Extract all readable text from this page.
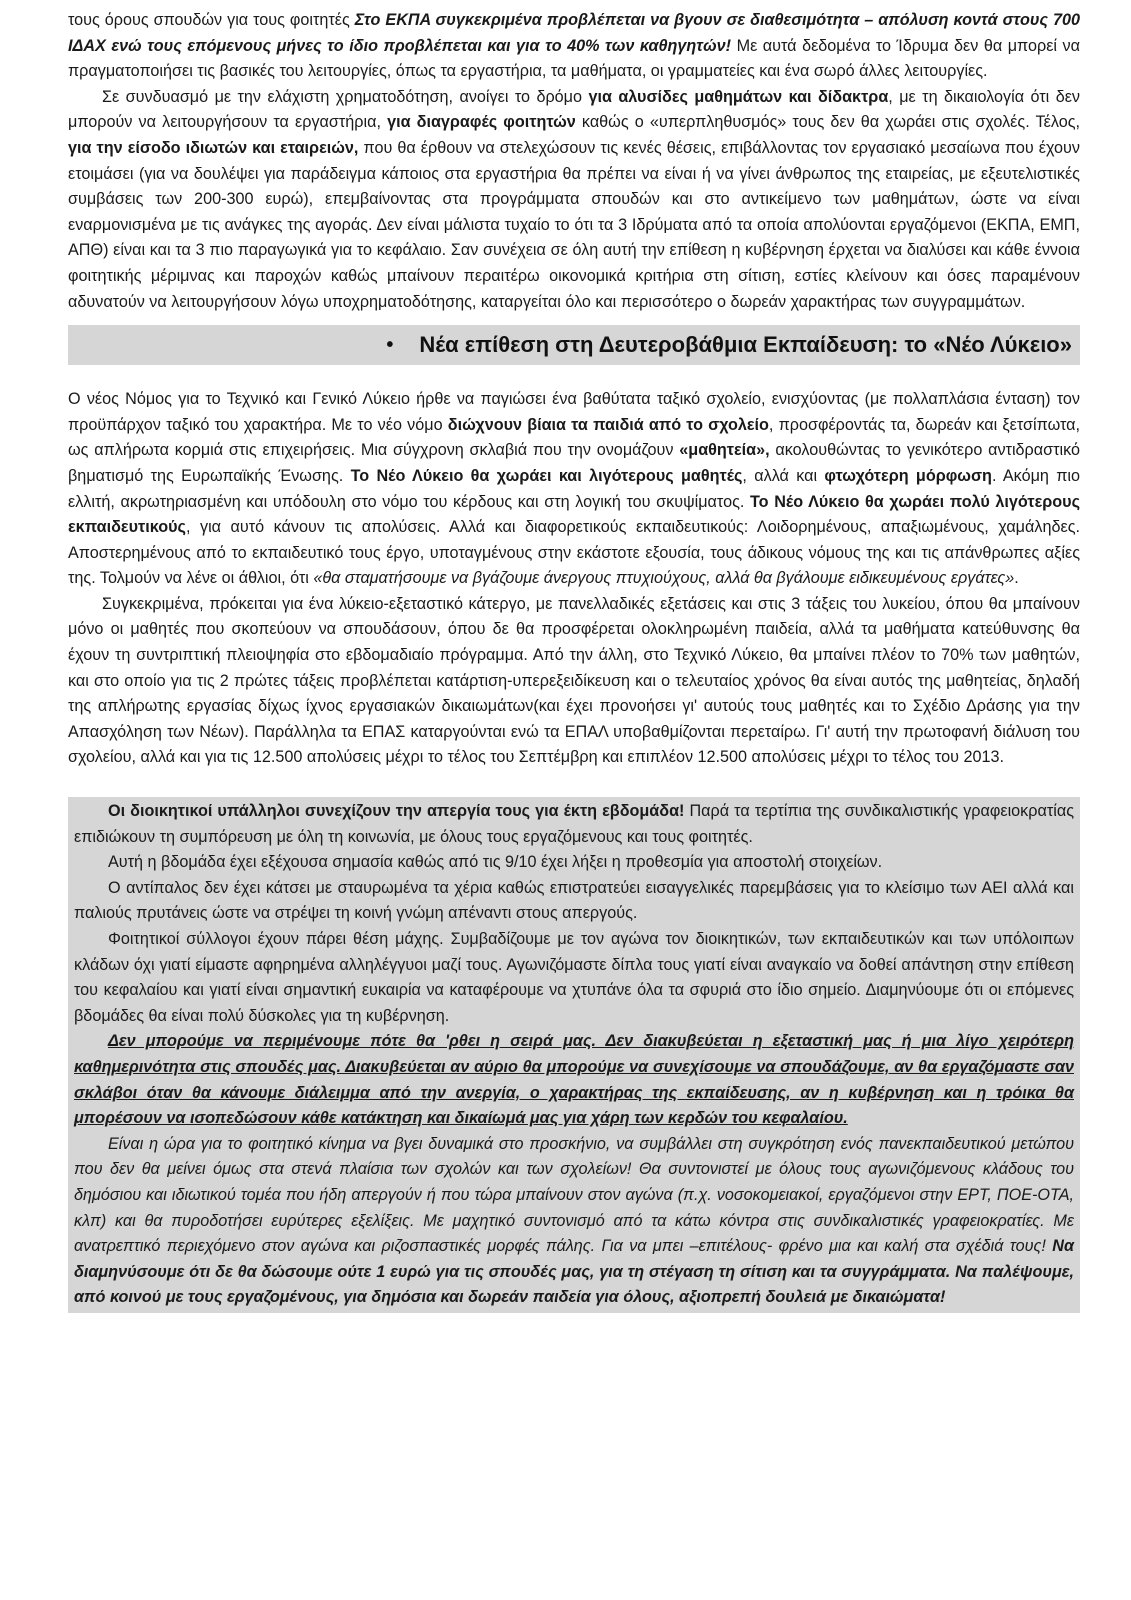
τους όρους σπουδών για τους φοιτητές Στο ΕΚΠΑ συγκεκριμένα προβλέπεται να βγουν σε διαθεσιμότητα – απόλυση κοντά στους 700 ΙΔΑΧ ενώ τους επόμενους μήνες το ίδιο προβλέπεται και για το 40% των καθηγητών! Με αυτά δεδομένα το Ίδρυμα δεν θα μπορεί να πραγματοποιήσει τις βασικές του λειτουργίες, όπως τα εργαστήρια, τα μαθήματα, οι γραμματείες και ένα σωρό άλλες λειτουργίες.

Σε συνδυασμό με την ελάχιστη χρηματοδότηση, ανοίγει το δρόμο για αλυσίδες μαθημάτων και δίδακτρα, με τη δικαιολογία ότι δεν μπορούν να λειτουργήσουν τα εργαστήρια, για διαγραφές φοιτητών καθώς ο «υπερπληθυσμός» τους δεν θα χωράει στις σχολές. Τέλος, για την είσοδο ιδιωτών και εταιρειών, που θα έρθουν να στελεχώσουν τις κενές θέσεις, επιβάλλοντας τον εργασιακό μεσαίωνα που έχουν ετοιμάσει (για να δουλέψει για παράδειγμα κάποιος στα εργαστήρια θα πρέπει να είναι ή να γίνει άνθρωπος της εταιρείας, με εξευτελιστικές συμβάσεις των 200-300 ευρώ), επεμβαίνοντας στα προγράμματα σπουδών και στο αντικείμενο των μαθημάτων, ώστε να είναι εναρμονισμένα με τις ανάγκες της αγοράς. Δεν είναι μάλιστα τυχαίο το ότι τα 3 Ιδρύματα από τα οποία απολύονται εργαζόμενοι (ΕΚΠΑ, ΕΜΠ, ΑΠΘ) είναι και τα 3 πιο παραγωγικά για το κεφάλαιο. Σαν συνέχεια σε όλη αυτή την επίθεση η κυβέρνηση έρχεται να διαλύσει και κάθε έννοια φοιτητικής μέριμνας και παροχών καθώς μπαίνουν περαιτέρω οικονομικά κριτήρια στη σίτιση, εστίες κλείνουν και όσες παραμένουν αδυνατούν να λειτουργήσουν λόγω υποχρηματοδότησης, καταργείται όλο και περισσότερο ο δωρεάν χαρακτήρας των συγγραμμάτων.

• Νέα επίθεση στη Δευτεροβάθμια Εκπαίδευση: το «Νέο Λύκειο»

Ο νέος Νόμος για το Τεχνικό και Γενικό Λύκειο ήρθε να παγιώσει ένα βαθύτατα ταξικό σχολείο, ενισχύοντας (με πολλαπλάσια ένταση) τον προϋπάρχον ταξικό του χαρακτήρα. Με το νέο νόμο διώχνουν βίαια τα παιδιά από το σχολείο, προσφέροντάς τα, δωρεάν και ξετσίπωτα, ως απλήρωτα κορμιά στις επιχειρήσεις. Μια σύγχρονη σκλαβιά που την ονομάζουν «μαθητεία», ακολουθώντας το γενικότερο αντιδραστικό βηματισμό της Ευρωπαϊκής Ένωσης. Το Νέο Λύκειο θα χωράει και λιγότερους μαθητές, αλλά και φτωχότερη μόρφωση. Ακόμη πιο ελλιτή, ακρωτηριασμένη και υπόδουλη στο νόμο του κέρδους και στη λογική του σκυψίματος. Το Νέο Λύκειο θα χωράει πολύ λιγότερους εκπαιδευτικούς, για αυτό κάνουν τις απολύσεις. Αλλά και διαφορετικούς εκπαιδευτικούς: Λοιδορημένους, απαξιωμένους, χαμάληδες. Αποστερημένους από το εκπαιδευτικό τους έργο, υποταγμένους στην εκάστοτε εξουσία, τους άδικους νόμους της και τις απάνθρωπες αξίες της. Τολμούν να λένε οι άθλιοι, ότι «θα σταματήσουμε να βγάζουμε άνεργους πτυχιούχους, αλλά θα βγάλουμε ειδικευμένους εργάτες».

Συγκεκριμένα, πρόκειται για ένα λύκειο-εξεταστικό κάτεργο, με πανελλαδικές εξετάσεις και στις 3 τάξεις του λυκείου, όπου θα μπαίνουν μόνο οι μαθητές που σκοπεύουν να σπουδάσουν, όπου δε θα προσφέρεται ολοκληρωμένη παιδεία, αλλά τα μαθήματα κατεύθυνσης θα έχουν τη συντριπτική πλειοψηφία στο εβδομαδιαίο πρόγραμμα. Από την άλλη, στο Τεχνικό Λύκειο, θα μπαίνει πλέον το 70% των μαθητών, και στο οποίο για τις 2 πρώτες τάξεις προβλέπεται κατάρτιση-υπερεξειδίκευση και ο τελευταίος χρόνος θα είναι αυτός της μαθητείας, δηλαδή της απλήρωτης εργασίας δίχως ίχνος εργασιακών δικαιωμάτων(και έχει προνοήσει γι' αυτούς τους μαθητές και το Σχέδιο Δράσης για την Απασχόληση των Νέων). Παράλληλα τα ΕΠΑΣ καταργούνται ενώ τα ΕΠΑΛ υποβαθμίζονται περεταίρω. Γι' αυτή την πρωτοφανή διάλυση του σχολείου, αλλά και για τις 12.500 απολύσεις μέχρι το τέλος του Σεπτέμβρη και επιπλέον 12.500 απολύσεις μέχρι το τέλος του 2013.

Οι διοικητικοί υπάλληλοι συνεχίζουν την απεργία τους για έκτη εβδομάδα! Παρά τα τερτίπια της συνδικαλιστικής γραφειοκρατίας επιδιώκουν τη συμπόρευση με όλη τη κοινωνία, με όλους τους εργαζόμενους και τους φοιτητές.

Αυτή η βδομάδα έχει εξέχουσα σημασία καθώς από τις 9/10 έχει λήξει η προθεσμία για αποστολή στοιχείων.

Ο αντίπαλος δεν έχει κάτσει με σταυρωμένα τα χέρια καθώς επιστρατεύει εισαγγελικές παρεμβάσεις για το κλείσιμο των ΑΕΙ αλλά και παλιούς πρυτάνεις ώστε να στρέψει τη κοινή γνώμη απέναντι στους απεργούς.

Φοιτητικοί σύλλογοι έχουν πάρει θέση μάχης. Συμβαδίζουμε με τον αγώνα τον διοικητικών, των εκπαιδευτικών και των υπόλοιπων κλάδων όχι γιατί είμαστε αφηρημένα αλληλέγγυοι μαζί τους. Αγωνιζόμαστε δίπλα τους γιατί είναι αναγκαίο να δοθεί απάντηση στην επίθεση του κεφαλαίου και γιατί είναι σημαντική ευκαιρία να καταφέρουμε να χτυπάνε όλα τα σφυριά στο ίδιο σημείο. Διαμηνύουμε ότι οι επόμενες βδομάδες θα είναι πολύ δύσκολες για τη κυβέρνηση.

Δεν μπορούμε να περιμένουμε πότε θα 'ρθει η σειρά μας. Δεν διακυβεύεται η εξεταστική μας ή μια λίγο χειρότερη καθημερινότητα στις σπουδές μας. Διακυβεύεται αν αύριο θα μπορούμε να συνεχίσουμε να σπουδάζουμε, αν θα εργαζόμαστε σαν σκλάβοι όταν θα κάνουμε διάλειμμα από την ανεργία, ο χαρακτήρας της εκπαίδευσης, αν η κυβέρνηση και η τρόικα θα μπορέσουν να ισοπεδώσουν κάθε κατάκτηση και δικαίωμά μας για χάρη των κερδών του κεφαλαίου.

Είναι η ώρα για το φοιτητικό κίνημα να βγει δυναμικά στο προσκήνιο, να συμβάλλει στη συγκρότηση ενός πανεκπαιδευτικού μετώπου που δεν θα μείνει όμως στα στενά πλαίσια των σχολών και των σχολείων! Θα συντονιστεί με όλους τους αγωνιζόμενους κλάδους του δημόσιου και ιδιωτικού τομέα που ήδη απεργούν ή που τώρα μπαίνουν στον αγώνα (π.χ. νοσοκομειακοί, εργαζόμενοι στην ΕΡΤ, ΠΟΕ-ΟΤΑ, κλπ) και θα πυροδοτήσει ευρύτερες εξελίξεις. Με μαχητικό συντονισμό από τα κάτω κόντρα στις συνδικαλιστικές γραφειοκρατίες. Με ανατρεπτικό περιεχόμενο στον αγώνα και ριζοσπαστικές μορφές πάλης. Για να μπει –επιτέλους- φρένο μια και καλή στα σχέδιά τους! Να διαμηνύσουμε ότι δε θα δώσουμε ούτε 1 ευρώ για τις σπουδές μας, για τη στέγαση τη σίτιση και τα συγγράμματα. Να παλέψουμε, από κοινού με τους εργαζομένους, για δημόσια και δωρεάν παιδεία για όλους, αξιοπρεπή δουλειά με δικαιώματα!
